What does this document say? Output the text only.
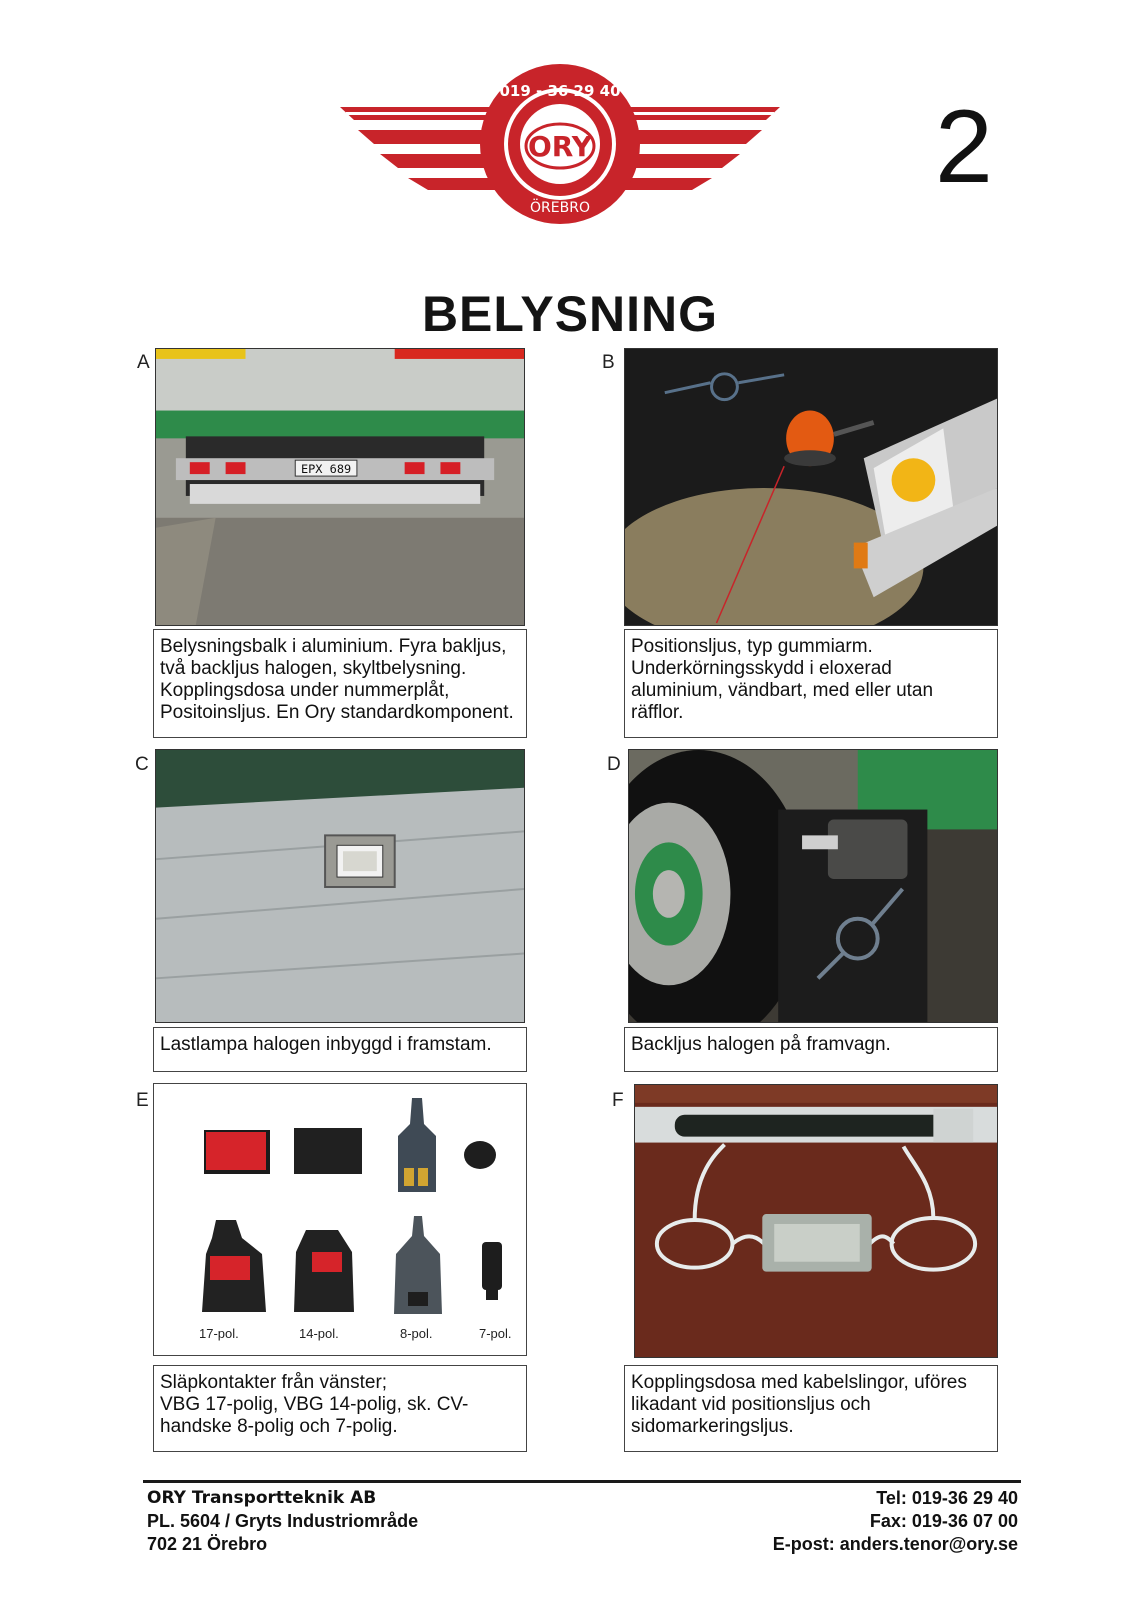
ORY
019 - 36 29 40
ÖREBRO
2
BELYSNING
A
EPX 689
Belysningsbalk i aluminium. Fyra bakljus,
två backljus halogen, skyltbelysning.
Kopplingsdosa under nummerplåt,
Positoinsljus. En Ory standardkomponent.
B
Positionsljus, typ gummiarm.
Underkörningsskydd i eloxerad
aluminium, vändbart, med eller utan
räfflor.
C
Lastlampa halogen inbyggd i framstam.
D
Backljus halogen på framvagn.
E
17-pol.	14-pol.	8-pol.	7-pol.
Släpkontakter från vänster;
VBG 17-polig, VBG 14-polig, sk. CV-
handske 8-polig och 7-polig.
F
Kopplingsdosa med kabelslingor, uföres
likadant vid positionsljus och
sidomarkeringsljus.
ORY Transportteknik AB
PL. 5604 / Gryts Industriområde
702 21 Örebro
Tel: 019-36 29 40
Fax: 019-36 07 00
E-post: anders.tenor@ory.se
